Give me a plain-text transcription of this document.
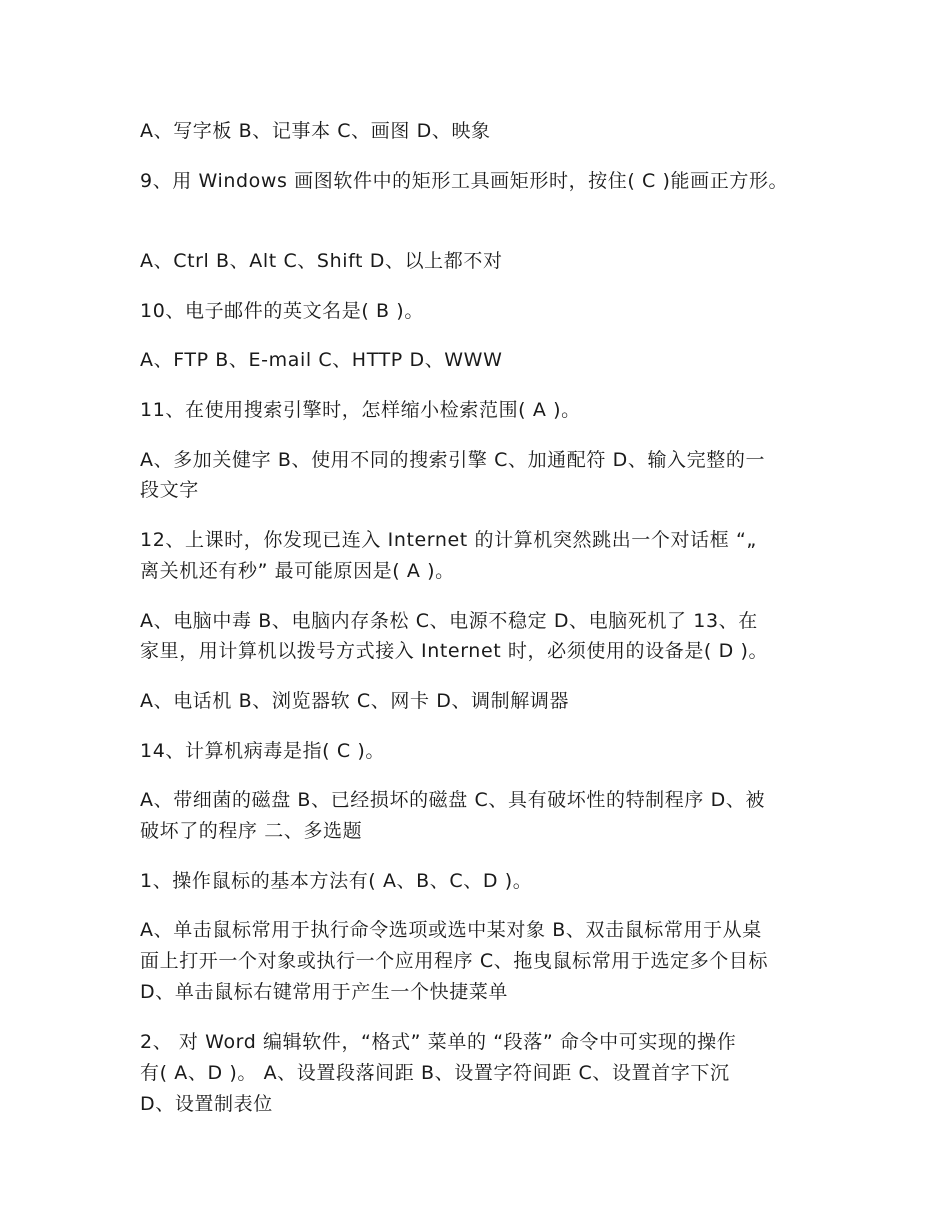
A、写字板 B、记事本 C、画图 D、映象

9、用 Windows 画图软件中的矩形工具画矩形时，按住( C )能画正方形。

A、Ctrl B、Alt C、Shift D、以上都不对

10、电子邮件的英文名是( B )。

A、FTP B、E-mail C、HTTP D、WWW

11、在使用搜索引擎时，怎样缩小检索范围( A )。

A、多加关健字 B、使用不同的搜索引擎 C、加通配符 D、输入完整的一

段文字

12、上课时，你发现已连入 Internet 的计算机突然跳出一个对话框 “„

离关机还有秒” 最可能原因是( A )。

A、电脑中毒 B、电脑内存条松 C、电源不稳定 D、电脑死机了 13、在

家里，用计算机以拨号方式接入 Internet 时，必须使用的设备是( D )。

A、电话机 B、浏览器软 C、网卡 D、调制解调器

14、计算机病毒是指( C )。

A、带细菌的磁盘 B、已经损坏的磁盘 C、具有破坏性的特制程序 D、被

破坏了的程序 二、多选题

1、操作鼠标的基本方法有( A、B、C、D )。

A、单击鼠标常用于执行命令选项或选中某对象 B、双击鼠标常用于从桌

面上打开一个对象或执行一个应用程序 C、拖曳鼠标常用于选定多个目标

D、单击鼠标右键常用于产生一个快捷菜单

2、 对 Word 编辑软件，“格式” 菜单的 “段落” 命令中可实现的操作

有( A、D )。 A、设置段落间距 B、设置字符间距 C、设置首字下沉

D、设置制表位
